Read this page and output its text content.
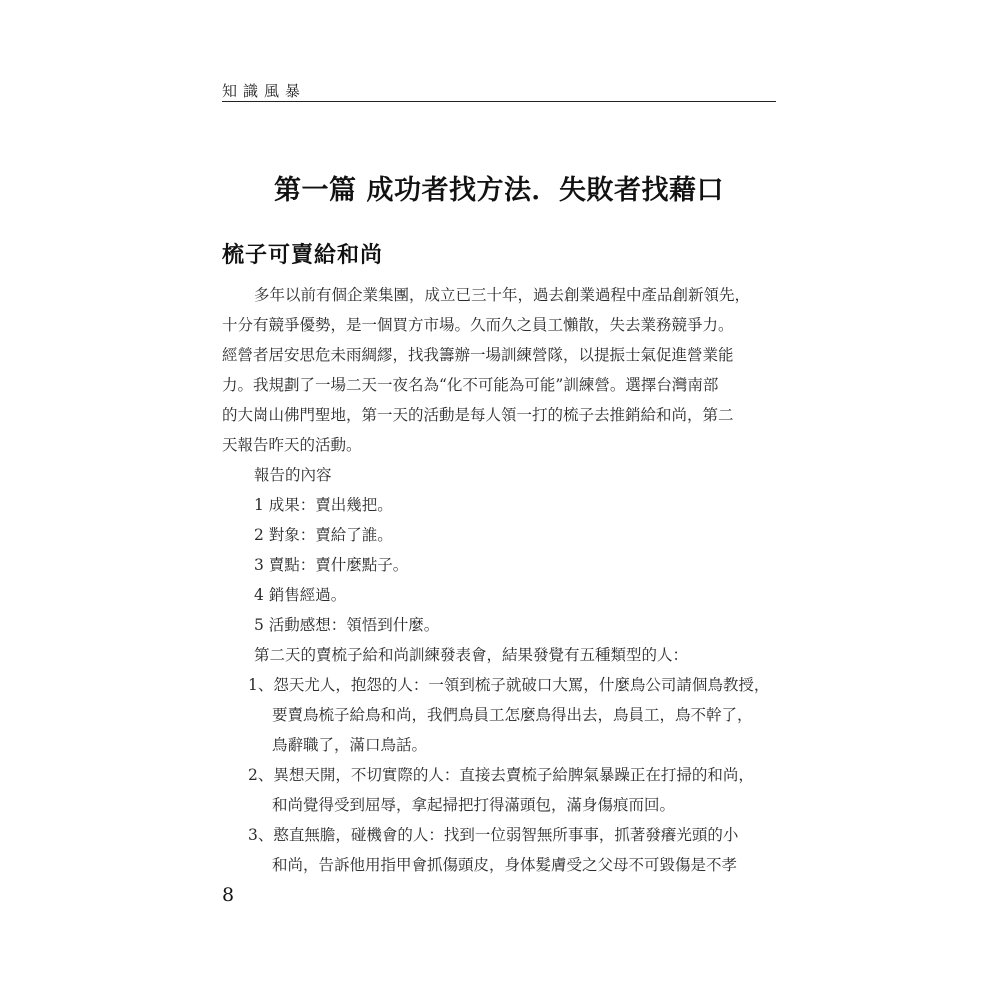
知識風暴
第一篇 成功者找方法．失敗者找藉口
梳子可賣給和尚
多年以前有個企業集團，成立已三十年，過去創業過程中產品創新領先，
十分有競爭優勢，是一個買方市場。久而久之員工懶散，失去業務競爭力。
經營者居安思危未雨綢繆，找我籌辦一場訓練營隊，以提振士氣促進營業能
力。我規劃了一場二天一夜名為“化不可能為可能”訓練營。選擇台灣南部
的大崗山佛門聖地，第一天的活動是每人領一打的梳子去推銷給和尚，第二
天報告昨天的活動。
報告的內容
1 成果：賣出幾把。
2 對象：賣給了誰。
3 賣點：賣什麼點子。
4 銷售經過。
5 活動感想：領悟到什麼。
第二天的賣梳子給和尚訓練發表會，結果發覺有五種類型的人：
1、怨天尤人，抱怨的人：一領到梳子就破口大罵，什麼鳥公司請個鳥教授，
要賣鳥梳子給鳥和尚，我們鳥員工怎麼鳥得出去，鳥員工，鳥不幹了，
鳥辭職了，滿口鳥話。
2、異想天開，不切實際的人：直接去賣梳子給脾氣暴躁正在打掃的和尚，
和尚覺得受到屈辱，拿起掃把打得滿頭包，滿身傷痕而回。
3、憨直無膽，碰機會的人：找到一位弱智無所事事，抓著發癢光頭的小
和尚，告訴他用指甲會抓傷頭皮，身体髮膚受之父母不可毀傷是不孝
8
